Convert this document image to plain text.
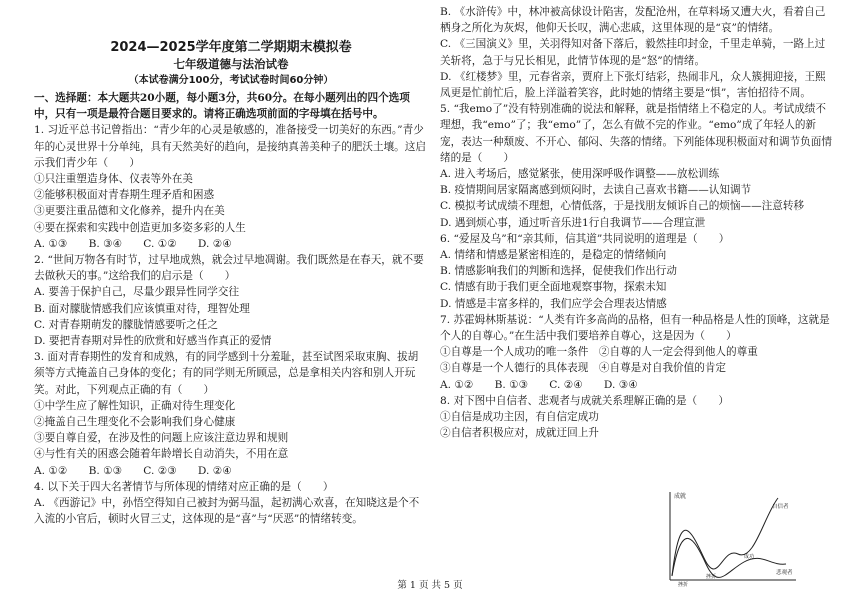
2024—2025学年度第二学期期末模拟卷
七年级道德与法治试卷
（本试卷满分100分，考试试卷时间60分钟）

一、选择题：本大题共20小题，每小题3分，共60分。在每小题列出的四个选项中，只有一项是最符合题目要求的。请将正确选项前面的字母填在括号中。

1. 习近平总书记曾指出：“青少年的心灵是敏感的，准备接受一切美好的东西。”青少年的心灵世界十分单纯，具有天然美好的趋向，是接纳真善美种子的肥沃土壤。这启示我们青少年（　　）

①只注重塑造身体、仪表等外在美

②能够积极面对青春期生理矛盾和困惑

③更要注重品德和文化修养，提升内在美

④要在探索和实践中创造更加多姿多彩的人生

A. ①③　　B. ③④　　C. ①②　　D. ②④

2. “世间万物各有时节，过早地成熟，就会过早地凋谢。我们既然是在春天，就不要去做秋天的事。”这给我们的启示是（　　）

A. 要善于保护自己，尽量少跟异性同学交往

B. 面对朦胧情感我们应该慎重对待，理智处理

C. 对青春期萌发的朦胧情感要听之任之

D. 要把青春期对异性的欣赏和好感当作真正的爱情

3. 面对青春期性的发育和成熟，有的同学感到十分羞耻，甚至试图采取束胸、拔胡须等方式掩盖自己身体的变化；有的同学则无所顾忌，总是拿相关内容和别人开玩笑。对此，下列观点正确的有（　　）

①中学生应了解性知识，正确对待生理变化

②掩盖自己生理变化不会影响我们身心健康

③要自尊自爱，在涉及性的问题上应该注意边界和规则

④与性有关的困惑会随着年龄增长自动消失，不用在意

A. ①②　　B. ①③　　C. ②③　　D. ②④

4. 以下关于四大名著情节与所体现的情绪对应正确的是（　　）

A. 《西游记》中，孙悟空得知自己被封为弼马温，起初满心欢喜，在知晓这是个不入流的小官后，顿时火冒三丈，这体现的是“喜”与“厌恶”的情绪转变。

B. 《水浒传》中，林冲被高俅设计陷害，发配沧州，在草料场又遭大火，看着自己栖身之所化为灰烬，他仰天长叹，满心悲戚，这里体现的是“哀”的情绪。

C. 《三国演义》里，关羽得知对备下落后，毅然挂印封金，千里走单骑，一路上过关斩将，急于与兄长相见，此情节体现的是“怒”的情绪。

D. 《红楼梦》里，元春省亲，贾府上下张灯结彩，热闹非凡，众人簇拥迎接，王熙凤更是忙前忙后，脸上洋溢着笑容，此时她的情绪主要是“惧”，害怕招待不周。

5. “我emo了”没有特别准确的说法和解释，就是指情绪上不稳定的人。考试成绩不理想，我“emo”了；我“emo”了，怎么有做不完的作业。“emo”成了年轻人的新宠，表达一种颓废、不开心、郁闷、失落的情绪。下列能体现积极面对和调节负面情绪的是（　　）

A. 进入考场后，感觉紧张，使用深呼吸作调整——放松训练

B. 疫情期间居家隔离感到烦闷时，去读自己喜欢书籍——认知调节

C. 模拟考试成绩不理想，心情低落，于是找朋友倾诉自己的烦恼——注意转移

D. 遇到烦心事，通过听音乐进1行自我调节——合理宣泄

6. “爱屋及乌”和“亲其师，信其道”共同说明的道理是（　　）

A. 情绪和情感是紧密相连的，是稳定的情绪倾向

B. 情感影响我们的判断和选择，促使我们作出行动

C. 情感有助于我们更全面地观察事物，探索未知

D. 情感是丰富多样的，我们应学会合理表达情感

7. 苏霍姆林斯基说：“人类有许多高尚的品格，但有一种品格是人性的顶峰，这就是个人的自尊心。”在生活中我们要培养自尊心，这是因为（　　）

①自尊是一个人成功的唯一条件　②自尊的人一定会得到他人的尊重

③自尊是一个人德行的具体表现　④自尊是对自我价值的肯定

A. ①②　　B. ①③　　C. ②④　　D. ③④

8. 对下图中自信者、悲观者与成就关系理解正确的是（　　）

①自信是成功主因，有自信定成功

②自信者积极应对，成就迂回上升

成就
自信者
悲观者
挫折
挫折
成功
第 1 页 共 5 页
